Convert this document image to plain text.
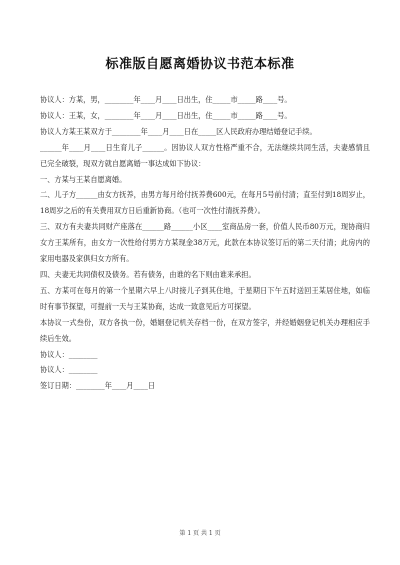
标准版自愿离婚协议书范本标准
协议人：方某，男，________年____月____日出生，住_____市_____路____号。
协议人：王某，女，________年____月____日出生，住_____市_____路____号。
协议人方某王某双方于________年____月____日在_____区人民政府办理结婚登记手续。
______年____月____日生育儿子______。因协议人双方性格严重不合，无法继续共同生活，夫妻感情且已完全破裂，现双方就自愿离婚一事达成如下协议：
一、方某与王某自愿离婚。
二、儿子方______由女方抚养，由男方每月给付抚养费600元，在每月5号前付清；直至付到18周岁止，18周岁之后的有关费用双方日后重新协商。（也可一次性付清抚养费）。
三、双方有夫妻共同财产座落在______路______小区____室商品房一套，价值人民币80万元，现协商归女方王某所有，由女方一次性给付男方方某现金38万元，此款在本协议签订后的第二天付清；此房内的家用电器及家俱归女方所有。
四、夫妻无共同债权及债务。若有债务，由谁的名下则由谁来承担。
五、方某可在每月的第一个星期六早上八时接儿子到其住地，于星期日下午五时送回王某居住地，如临时有事节探望，可提前一天与王某协商，达成一致意见后方可探望。
本协议一式叁份，双方各执一份，婚姻登记机关存档一份，在双方签字，并经婚姻登记机关办理相应手续后生效。
协议人：________
协议人：________
签订日期：________年____月____日
第 1 页 共 1 页
